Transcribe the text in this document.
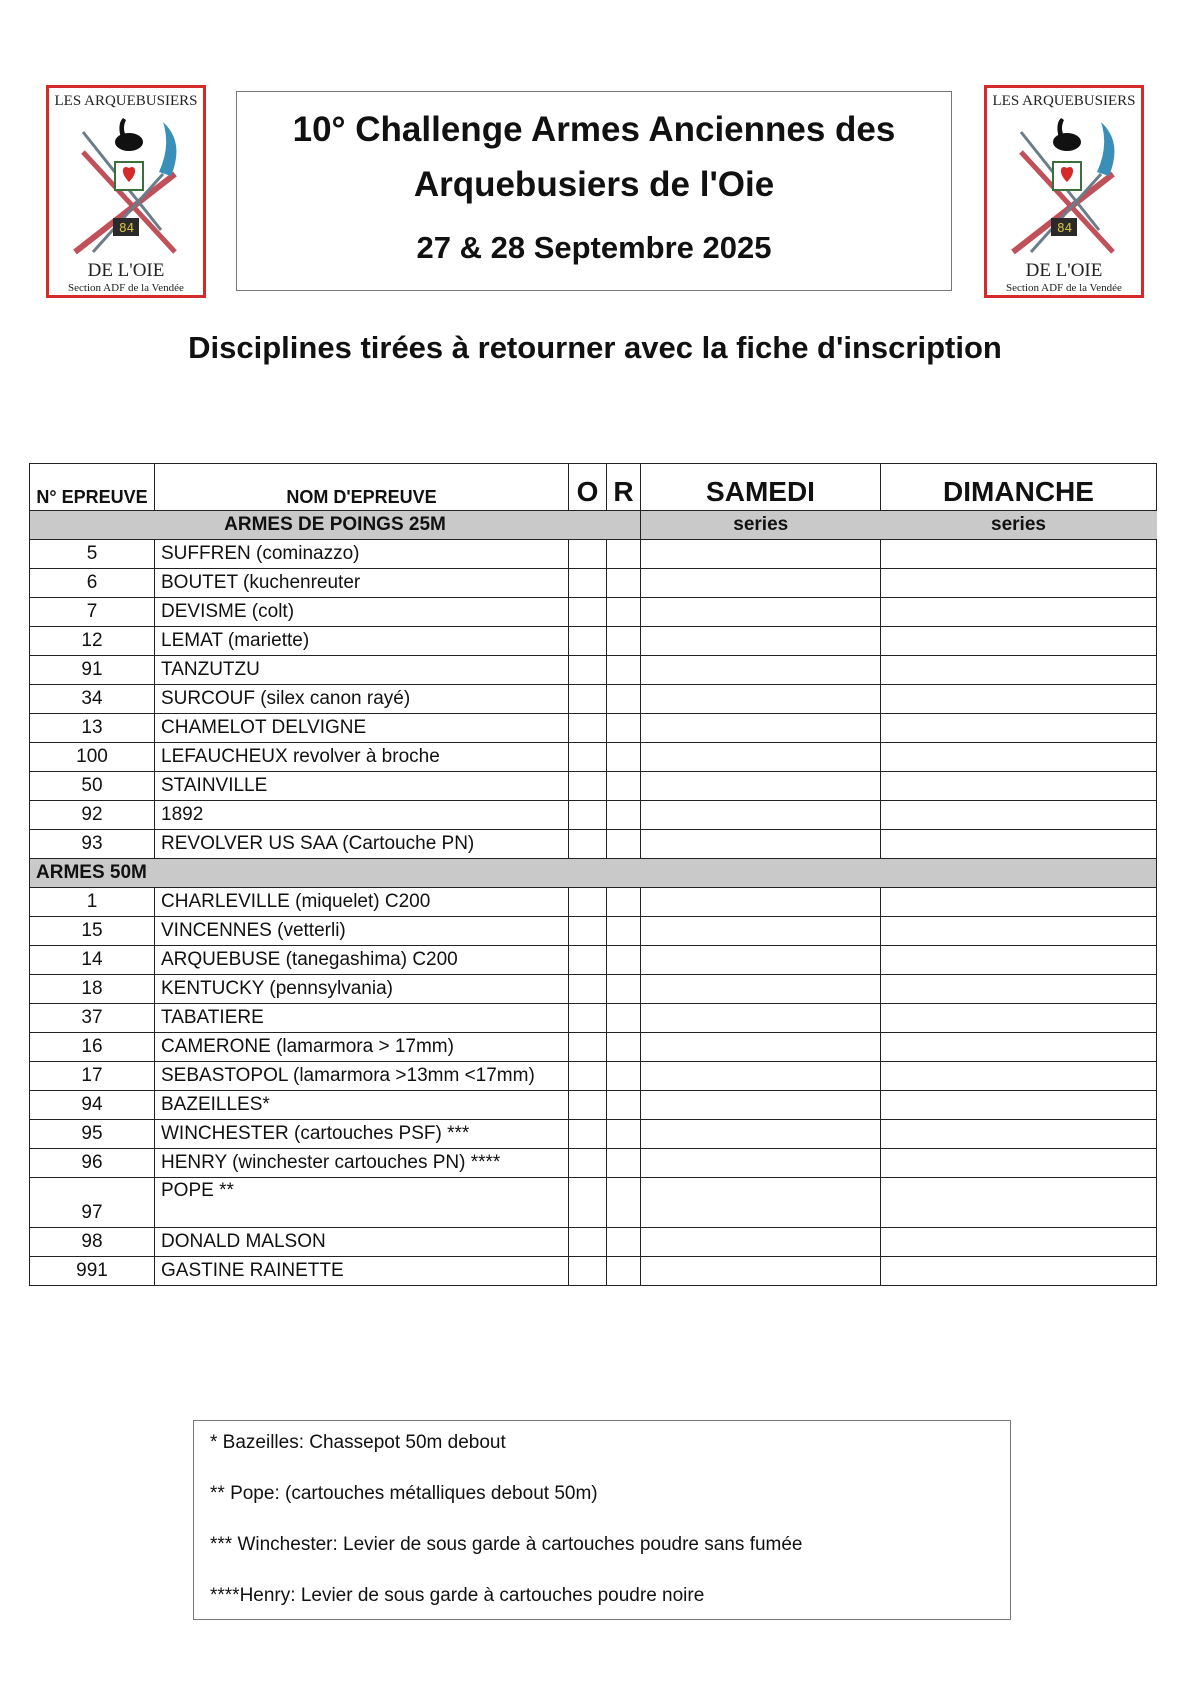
LES ARQUEBUSIERS
84
DE L'OIE
Section ADF de la Vendée
10° Challenge Armes Anciennes des
Arquebusiers de l'Oie
27 & 28 Septembre 2025
LES ARQUEBUSIERS
84
DE L'OIE
Section ADF de la Vendée
Disciplines tirées à retourner avec la fiche d'inscription
N° EPREUVE	NOM D'EPREUVE	O	R	SAMEDI	DIMANCHE
ARMES DE POINGS 25M				series	series
5	SUFFREN (cominazzo)				
6	BOUTET (kuchenreuter				
7	DEVISME (colt)				
12	LEMAT (mariette)				
91	TANZUTZU				
34	SURCOUF (silex canon rayé)				
13	CHAMELOT DELVIGNE				
100	LEFAUCHEUX revolver à broche				
50	STAINVILLE				
92	1892				
93	REVOLVER US SAA (Cartouche PN)				
ARMES 50M					
1	CHARLEVILLE (miquelet) C200				
15	VINCENNES (vetterli)				
14	ARQUEBUSE (tanegashima) C200				
18	KENTUCKY (pennsylvania)				
37	TABATIERE				
16	CAMERONE (lamarmora > 17mm)				
17	SEBASTOPOL (lamarmora >13mm <17mm)				
94	BAZEILLES*				
95	WINCHESTER (cartouches PSF) ***				
96	HENRY (winchester cartouches PN) ****				
97	POPE **				
98	DONALD MALSON				
991	GASTINE RAINETTE				

* Bazeilles: Chassepot 50m debout

** Pope: (cartouches métalliques debout 50m)

*** Winchester: Levier de sous garde à cartouches poudre sans fumée

****Henry: Levier de sous garde à cartouches poudre noire
